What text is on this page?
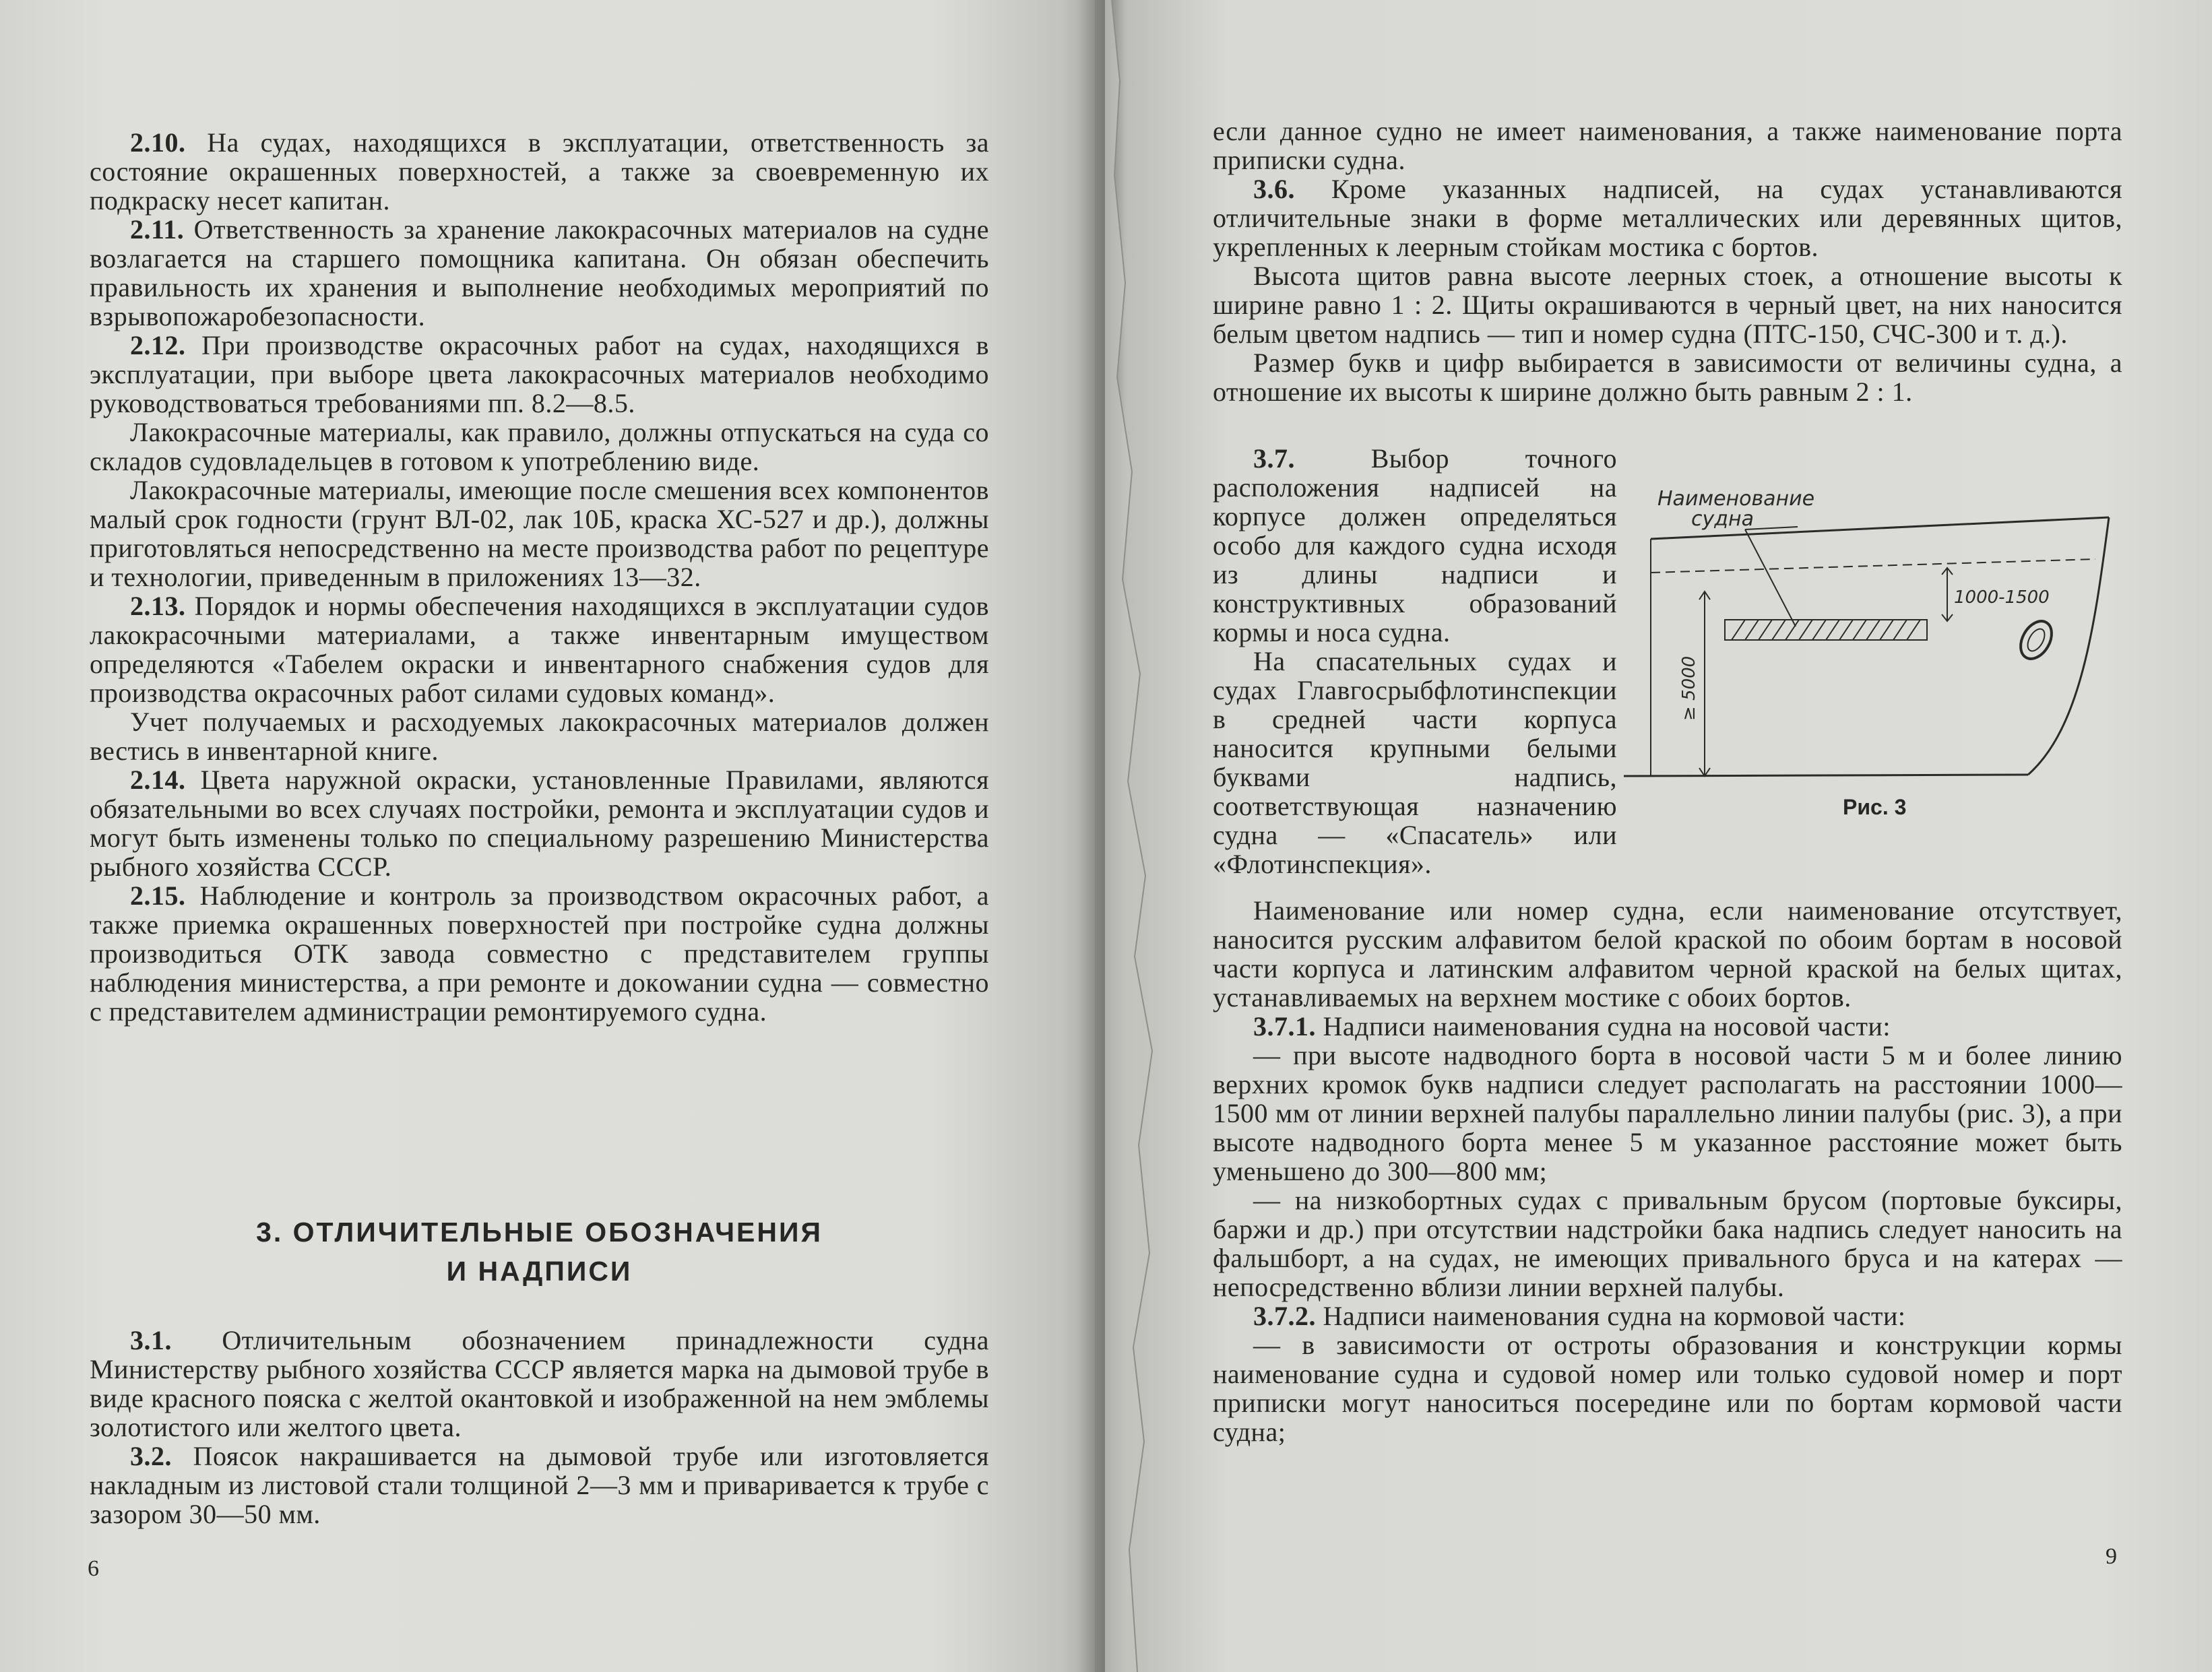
2.10. На судах, находящихся в эксплуатации, ответственность за состояние окрашенных поверхностей, а также за своевременную их подкраску несет капитан.

2.11. Ответственность за хранение лакокрасочных материалов на судне возлагается на старшего помощника капитана. Он обязан обеспечить правильность их хранения и выполнение необходимых мероприятий по взрывопожаробезопасности.

2.12. При производстве окрасочных работ на судах, находящихся в эксплуатации, при выборе цвета лакокрасочных материалов необходимо руководствоваться требованиями пп. 8.2—8.5.

Лакокрасочные материалы, как правило, должны отпускаться на суда со складов судовладельцев в готовом к употреблению виде.

Лакокрасочные материалы, имеющие после смешения всех компонентов малый срок годности (грунт ВЛ-02, лак 10Б, краска ХС-527 и др.), должны приготовляться непосредственно на месте производства работ по рецептуре и технологии, приведенным в приложениях 13—32.

2.13. Порядок и нормы обеспечения находящихся в эксплуатации судов лакокрасочными материалами, а также инвентарным имуществом определяются «Табелем окраски и инвентарного снабжения судов для производства окрасочных работ силами судовых команд».

Учет получаемых и расходуемых лакокрасочных материалов должен вестись в инвентарной книге.

2.14. Цвета наружной окраски, установленные Правилами, являются обязательными во всех случаях постройки, ремонта и эксплуатации судов и могут быть изменены только по специальному разрешению Министерства рыбного хозяйства СССР.

2.15. Наблюдение и контроль за производством окрасочных работ, а также приемка окрашенных поверхностей при постройке судна должны производиться ОТК завода совместно с представителем группы наблюдения министерства, а при ремонте и докowании судна — совместно с представителем администрации ремонтируемого судна.

3. ОТЛИЧИТЕЛЬНЫЕ ОБОЗНАЧЕНИЯ
И НАДПИСИ

3.1. Отличительным обозначением принадлежности судна Министерству рыбного хозяйства СССР является марка на дымовой трубе в виде красного пояска с желтой окантовкой и изображенной на нем эмблемы золотистого или желтого цвета.

3.2. Поясок накрашивается на дымовой трубе или изготовляется накладным из листовой стали толщиной 2—3 мм и приваривается к трубе с зазором 30—50 мм.

6

если данное судно не имеет наименования, а также наименование порта приписки судна.

3.6. Кроме указанных надписей, на судах устанавливаются отличительные знаки в форме металлических или деревянных щитов, укрепленных к леерным стойкам мостика с бортов.

Высота щитов равна высоте леерных стоек, а отношение высоты к ширине равно 1 : 2. Щиты окрашиваются в черный цвет, на них наносится белым цветом надпись — тип и номер судна (ПТС-150, СЧС-300 и т. д.).

Размер букв и цифр выбирается в зависимости от величины судна, а отношение их высоты к ширине должно быть равным 2 : 1.

3.7.	Выбор точного расположения надписей на корпусе должен определяться особо для каждого судна исходя из длины надписи и конструктивных образований кормы и носа судна.

На спасательных судах и судах Главгосрыбфлотинспекции в средней части корпуса наносится крупными белыми буквами надпись, соответствующая назначению судна — «Спасатель» или «Флотинспекция».

Наименование
судна
1000-1500
≥ 5000
Рис. 3

Наименование или номер судна, если наименование отсутствует, наносится русским алфавитом белой краской по обоим бортам в носовой части корпуса и латинским алфавитом черной краской на белых щитах, устанавливаемых на верхнем мостике с обоих бортов.

3.7.1. Надписи наименования судна на носовой части:

— при высоте надводного борта в носовой части 5 м и более линию верхних кромок букв надписи следует располагать на расстоянии 1000—1500 мм от линии верхней палубы параллельно линии палубы (рис. 3), а при высоте надводного борта менее 5 м указанное расстояние может быть уменьшено до 300—800 мм;

— на низкобортных судах с привальным брусом (портовые буксиры, баржи и др.) при отсутствии надстройки бака надпись следует наносить на фальшборт, а на судах, не имеющих привального бруса и на катерах — непосредственно вблизи линии верхней палубы.

3.7.2. Надписи наименования судна на кормовой части:

— в зависимости от остроты образования и конструкции кормы наименование судна и судовой номер или только судовой номер и порт приписки могут наноситься посередине или по бортам кормовой части судна;

9
